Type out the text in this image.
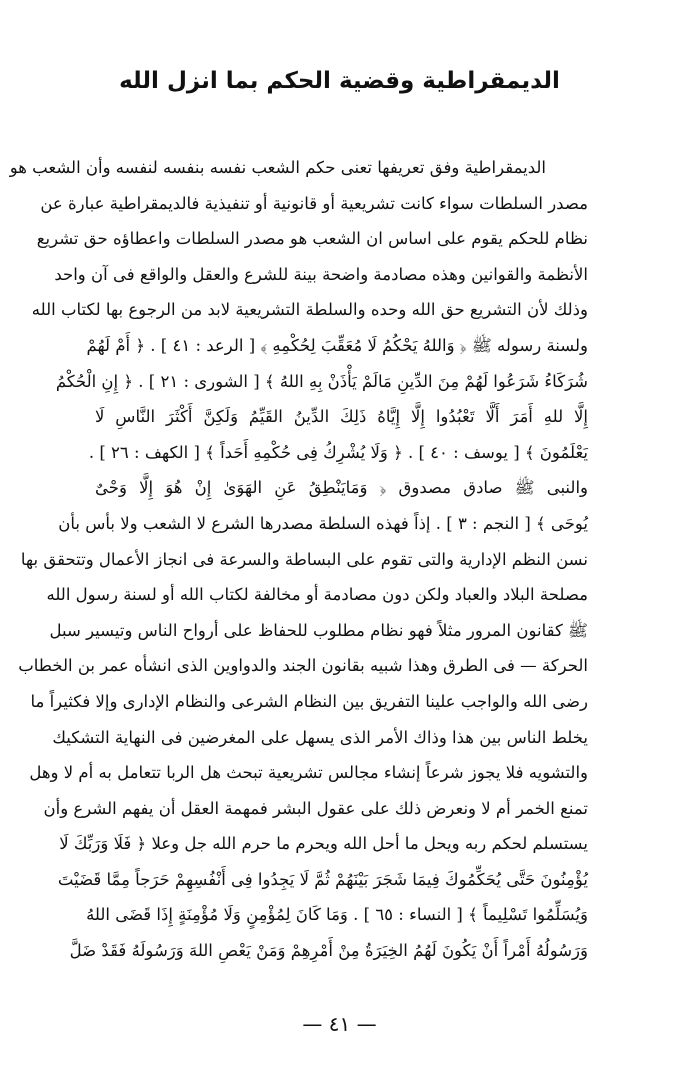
الديمقراطية وقضية الحكم بما انزل الله
الديمقراطية وفق تعريفها تعنى حكم الشعب نفسه بنفسه لنفسه وأن الشعب هو
مصدر السلطات سواء كانت تشريعية أو قانونية أو تنفيذية فالديمقراطية عبارة عن
نظام للحكم يقوم على اساس ان الشعب هو مصدر السلطات واعطاؤه حق تشريع
الأنظمة والقوانين وهذه مصادمة واضحة بينة للشرع والعقل والواقع فى آن واحد
وذلك لأن التشريع حق الله وحده والسلطة التشريعية لابد من الرجوع بها لكتاب الله
ولسنة رسوله ﷺ ﴿ وَاللهُ يَحْكُمُ لَا مُعَقِّبَ لِحُكْمِهِ ﴾ [ الرعد : ٤١ ] . ﴿ أَمْ لَهُمْ
شُرَكَاءُ شَرَعُوا لَهُمْ مِنَ الدِّينِ مَالَمْ يَأْذَنْ بِهِ اللهُ ﴾ [ الشورى : ٢١ ] . ﴿ إِنِ الْحُكْمُ
إِلَّا للهِ أَمَرَ أَلَّا تَعْبُدُوا إِلَّا إِيَّاهُ ذَلِكَ الدِّينُ القَيِّمُ وَلَكِنَّ أَكْثَرَ النَّاسِ لَا
يَعْلَمُونَ ﴾ [ يوسف : ٤٠ ] . ﴿ وَلَا يُشْرِكُ فِى حُكْمِهِ أَحَداً ﴾ [ الكهف : ٢٦ ] .
والنبى ﷺ صادق مصدوق ﴿ وَمَايَنْطِقُ عَنِ الهَوَىٰ إِنْ هُوَ إِلَّا وَحْىٌ
يُوحَى ﴾ [ النجم : ٣ ] . إذاً فهذه السلطة مصدرها الشرع لا الشعب ولا بأس بأن
نسن النظم الإدارية والتى تقوم على البساطة والسرعة فى انجاز الأعمال وتتحقق بها
مصلحة البلاد والعباد ولكن دون مصادمة أو مخالفة لكتاب الله أو لسنة رسول الله
ﷺ كقانون المرور مثلاً فهو نظام مطلوب للحفاظ على أرواح الناس وتيسير سبل
الحركة — فى الطرق وهذا شبيه بقانون الجند والدواوين الذى انشأه عمر بن الخطاب
رضى الله والواجب علينا التفريق بين النظام الشرعى والنظام الإدارى وإلا فكثيراً ما
يخلط الناس بين هذا وذاك الأمر الذى يسهل على المغرضين فى النهاية التشكيك
والتشويه فلا يجوز شرعاً إنشاء مجالس تشريعية تبحث هل الربا تتعامل به أم لا وهل
تمنع الخمر أم لا ونعرض ذلك على عقول البشر فمهمة العقل أن يفهم الشرع وأن
يستسلم لحكم ربه ويحل ما أحل الله ويحرم ما حرم الله جل وعلا ﴿ فَلَا وَرَبِّكَ لَا
يُؤْمِنُونَ حَتَّى يُحَكِّمُوكَ فِيمَا شَجَرَ بَيْنَهُمْ ثُمَّ لَا يَجِدُوا فِى أَنْفُسِهِمْ حَرَجاً مِمَّا قَضَيْتَ
وَيُسَلِّمُوا تَسْلِيماً ﴾ [ النساء : ٦٥ ] . وَمَا كَانَ لِمُؤْمِنٍ وَلَا مُؤْمِنَةٍ إِذَا قَضَى اللهُ
وَرَسُولُهُ أَمْراً أَنْ يَكُونَ لَهُمُ الخِيَرَةُ مِنْ أَمْرِهِمْ وَمَنْ يَعْصِ اللهَ وَرَسُولَهُ فَقَدْ ضَلَّ
— ٤١ —
